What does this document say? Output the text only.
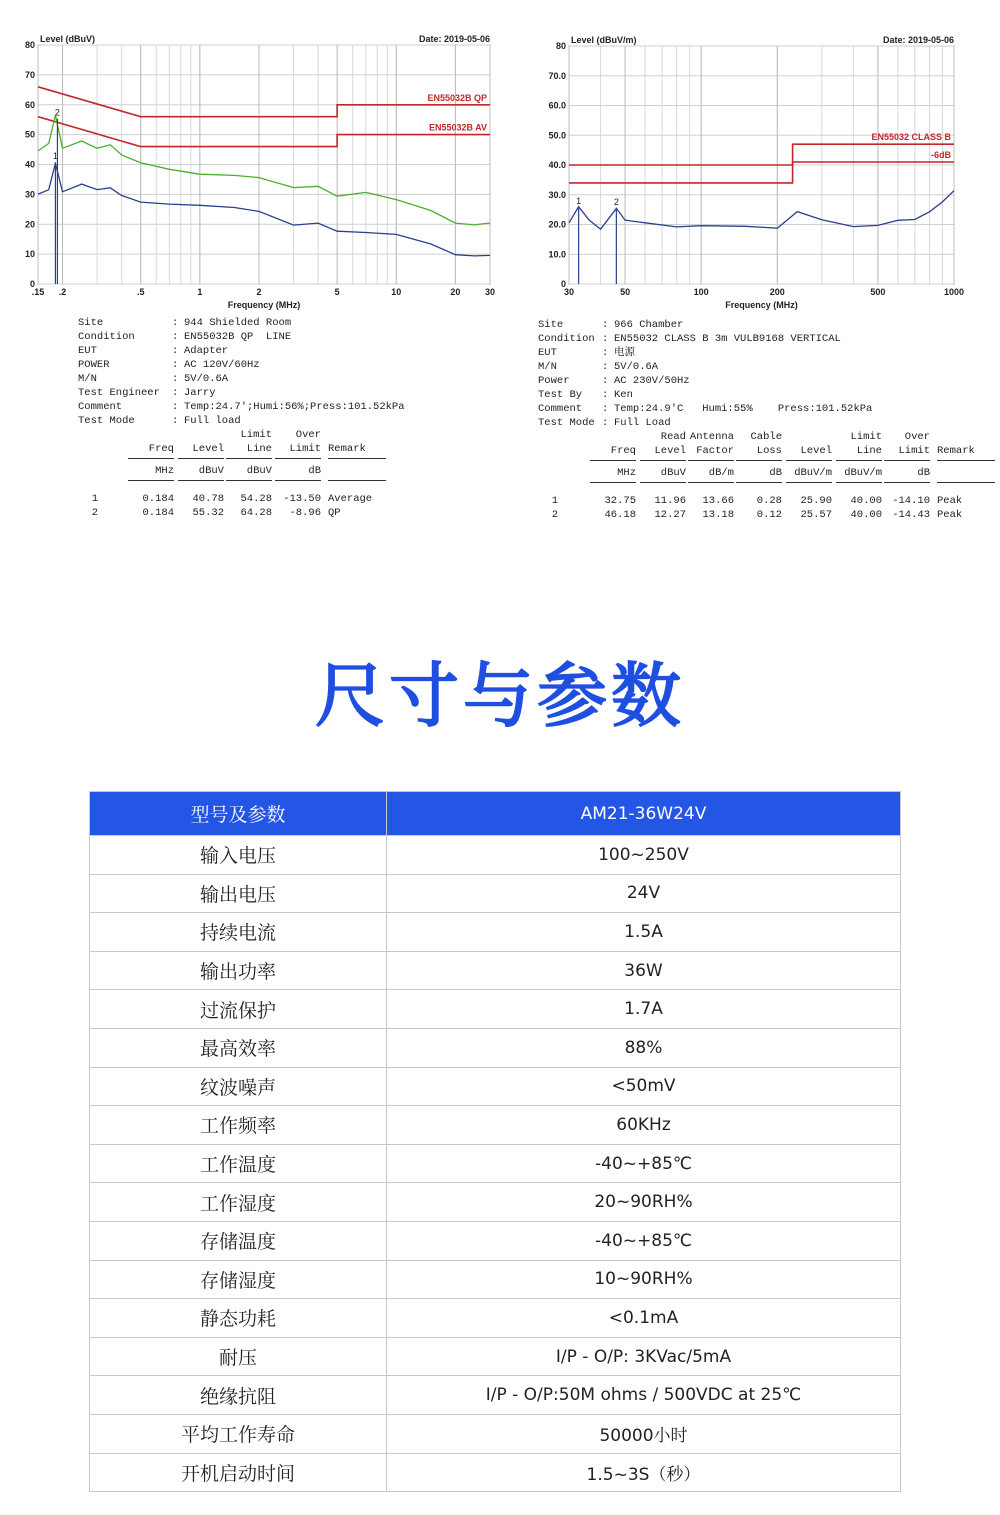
0
10
20
30
40
50
60
70
80
.15 .2	.5	1	2	5	10	20	30
Level (dBuV)	Date: 2019-05-06
Frequency (MHz)
EN55032B QP
EN55032B AV
1
2
0
10.0
20.0
30.0
40.0
50.0
60.0
70.0
80
30	50	100	200	500	1000
Level (dBuV/m)	Date: 2019-05-06
Frequency (MHz)
EN55032 CLASS B
-6dB
1	2
Site	: 944 Shielded Room
Condition	: EN55032B QP  LINE
EUT	: Adapter
POWER	: AC 120V/60Hz
M/N	: 5V/0.6A
Test Engineer : Jarry
Comment	: Temp:24.7';Humi:56%;Press:101.52kPa
Test Mode	: Full load
Limit Over
Freq Level Line Limit Remark
MHz dBuV dBuV	dB
1	0.184 40.78 54.28 -13.50 Average
2	0.184 55.32 64.28 -8.96 QP
Site	: 966 Chamber
Condition : EN55032 CLASS B 3m VULB9168 VERTICAL
EUT	: 电源
M/N	: 5V/0.6A
Power	: AC 230V/50Hz
Test By : Ken
Comment : Temp:24.9'C   Humi:55%    Press:101.52kPa
Test Mode : Full Load
Read Antenna Cable	Limit Over
Freq Level Factor Loss Level Line Limit Remark
MHz dBuV dB/m	dB dBuV/m dBuV/m	dB
1	32.75 11.96 13.66 0.28 25.90 40.00 -14.10 Peak
2	46.18 12.27 13.18 0.12 25.57 40.00 -14.43 Peak
尺寸与参数
型号及参数	AM21-36W24V
输入电压	100~250V
输出电压	24V
持续电流	1.5A
输出功率	36W
过流保护	1.7A
最高效率	88%
纹波噪声	<50mV
工作频率	60KHz
工作温度	-40~+85℃
工作湿度	20~90RH%
存储温度	-40~+85℃
存储湿度	10~90RH%
静态功耗	<0.1mA
耐压	I/P - O/P: 3KVac/5mA
绝缘抗阻	I/P - O/P:50M ohms / 500VDC at 25℃
平均工作寿命	50000小时
开机启动时间	1.5~3S（秒）
